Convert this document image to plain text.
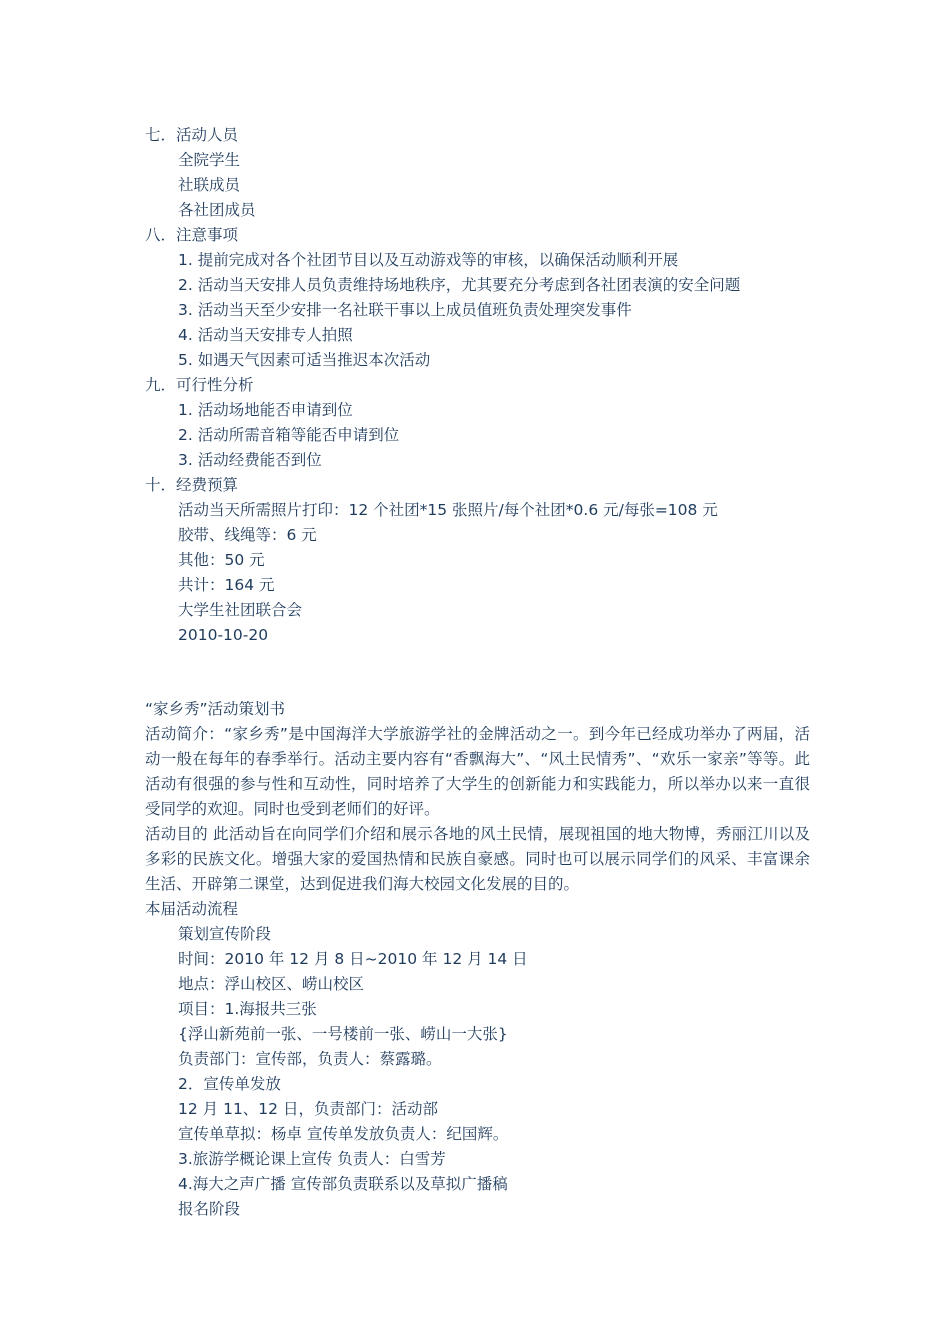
七．活动人员
全院学生
社联成员
各社团成员
八．注意事项
1. 提前完成对各个社团节目以及互动游戏等的审核，以确保活动顺利开展
2. 活动当天安排人员负责维持场地秩序，尤其要充分考虑到各社团表演的安全问题
3. 活动当天至少安排一名社联干事以上成员值班负责处理突发事件
4. 活动当天安排专人拍照
5. 如遇天气因素可适当推迟本次活动
九．可行性分析
1. 活动场地能否申请到位
2. 活动所需音箱等能否申请到位
3. 活动经费能否到位
十．经费预算
活动当天所需照片打印：12 个社团*15 张照片/每个社团*0.6 元/每张=108 元
胶带、线绳等：6 元
其他：50 元
共计：164 元
大学生社团联合会
2010-10-20
“家乡秀”活动策划书
活动简介：“家乡秀”是中国海洋大学旅游学社的金牌活动之一。到今年已经成功举办了两届，活动一般在每年的春季举行。活动主要内容有“香飘海大”、“风土民情秀”、“欢乐一家亲”等等。此活动有很强的参与性和互动性，同时培养了大学生的创新能力和实践能力，所以举办以来一直很受同学的欢迎。同时也受到老师们的好评。
活动目的 此活动旨在向同学们介绍和展示各地的风土民情，展现祖国的地大物博，秀丽江川以及多彩的民族文化。增强大家的爱国热情和民族自豪感。同时也可以展示同学们的风采、丰富课余生活、开辟第二课堂，达到促进我们海大校园文化发展的目的。
本届活动流程
策划宣传阶段
时间：2010 年 12 月 8 日~2010 年 12 月 14 日
地点：浮山校区、崂山校区
项目：1.海报共三张
{浮山新苑前一张、一号楼前一张、崂山一大张}
负责部门：宣传部，负责人：蔡露璐。
2．宣传单发放
12 月 11、12 日，负责部门：活动部
宣传单草拟：杨卓 宣传单发放负责人：纪国辉。
3.旅游学概论课上宣传 负责人：白雪芳
4.海大之声广播 宣传部负责联系以及草拟广播稿
报名阶段
